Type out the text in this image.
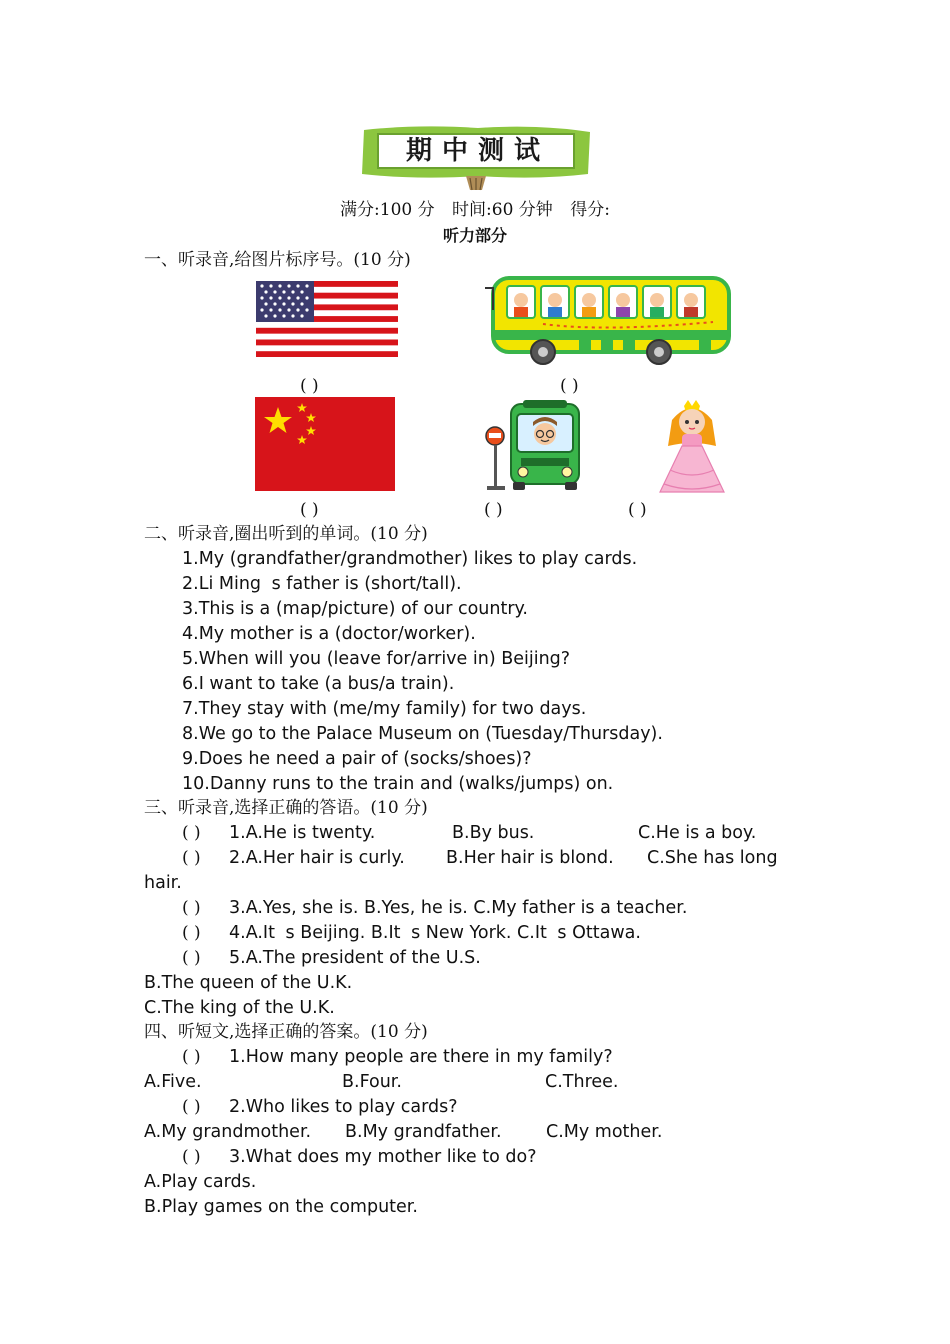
期中测试
满分:100 分 时间:60 分钟 得分:
听力部分
一、听录音,给图片标序号。(10 分)
( )	( )
( )	( )	( )
二、听录音,圈出听到的单词。(10 分)
1.My (grandfather/grandmother) likes to play cards.
2.Li Mings father is (short/tall).
3.This is a (map/picture) of our country.
4.My mother is a (doctor/worker).
5.When will you (leave for/arrive in) Beijing?
6.I want to take (a bus/a train).
7.They stay with (me/my family) for two days.
8.We go to the Palace Museum on (Tuesday/Thursday).
9.Does he need a pair of (socks/shoes)?
10.Danny runs to the train and (walks/jumps) on.
三、听录音,选择正确的答语。(10 分)
( ) 1.A.He is twenty.	B.By bus.	C.He is a boy.
( ) 2.A.Her hair is curly. B.Her hair is blond. C.She has long
hair.
( ) 3.A.Yes, she is. B.Yes, he is. C.My father is a teacher.
( ) 4.A.Its Beijing. B.Its New York. C.Its Ottawa.
( ) 5.A.The president of the U.S.
B.The queen of the U.K.
C.The king of the U.K.
四、听短文,选择正确的答案。(10 分)
( ) 1.How many people are there in my family?
A.Five.	B.Four.	C.Three.
( ) 2.Who likes to play cards?
A.My grandmother. B.My grandfather.	C.My mother.
( ) 3.What does my mother like to do?
A.Play cards.
B.Play games on the computer.
